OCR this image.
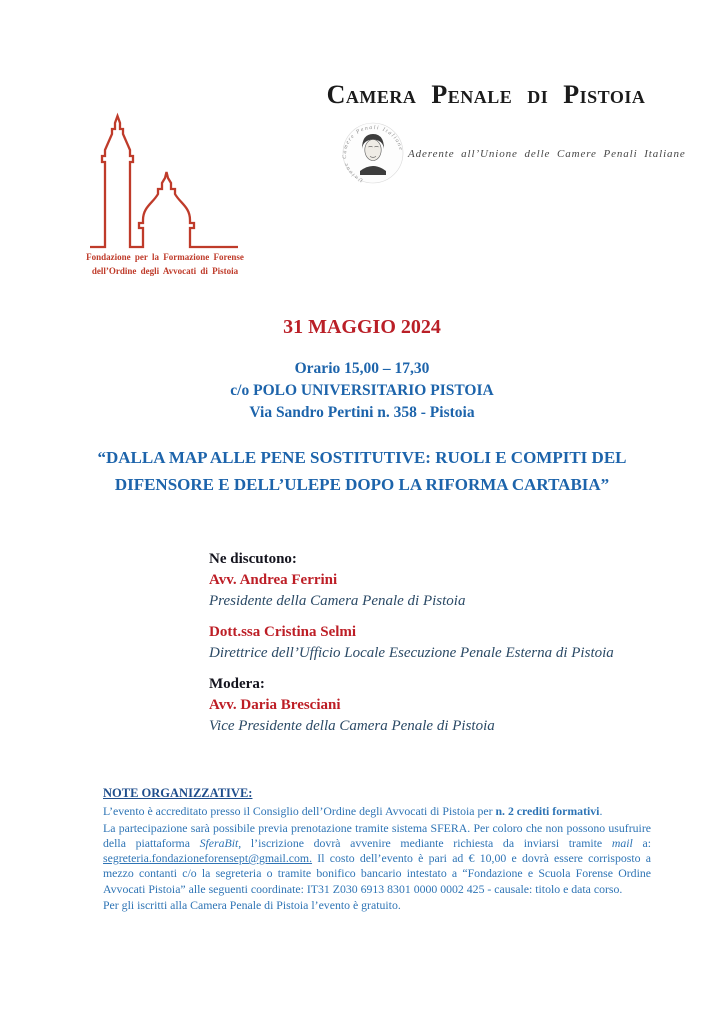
Fondazione per la Formazione Forense
dell’Ordine degli Avvocati di Pistoia
Camera Penale di Pistoia
Unione Camere Penali Italiane Aderente all’Unione delle Camere Penali Italiane
31 MAGGIO 2024
Orario 15,00 – 17,30
c/o POLO UNIVERSITARIO PISTOIA
Via Sandro Pertini n. 358 - Pistoia
“DALLA MAP ALLE PENE SOSTITUTIVE: RUOLI E COMPITI DEL
DIFENSORE E DELL’ULEPE DOPO LA RIFORMA CARTABIA”
Ne discutono:
Avv. Andrea Ferrini
Presidente della Camera Penale di Pistoia
Dott.ssa Cristina Selmi
Direttrice dell’Ufficio Locale Esecuzione Penale Esterna di Pistoia
Modera:
Avv. Daria Bresciani
Vice Presidente della Camera Penale di Pistoia
NOTE ORGANIZZATIVE:

L’evento è accreditato presso il Consiglio dell’Ordine degli Avvocati di Pistoia per n. 2 crediti formativi.

La partecipazione sarà possibile previa prenotazione tramite sistema SFERA. Per coloro che non possono usufruire della piattaforma SferaBit, l’iscrizione dovrà avvenire mediante richiesta da inviarsi tramite mail a: segreteria.fondazioneforensept@gmail.com. Il costo dell’evento è pari ad € 10,00 e dovrà essere corrisposto a mezzo contanti c/o la segreteria o tramite bonifico bancario intestato a “Fondazione e Scuola Forense Ordine Avvocati Pistoia” alle seguenti coordinate: IT31 Z030 6913 8301 0000 0002 425 - causale: titolo e data corso.

Per gli iscritti alla Camera Penale di Pistoia l’evento è gratuito.
